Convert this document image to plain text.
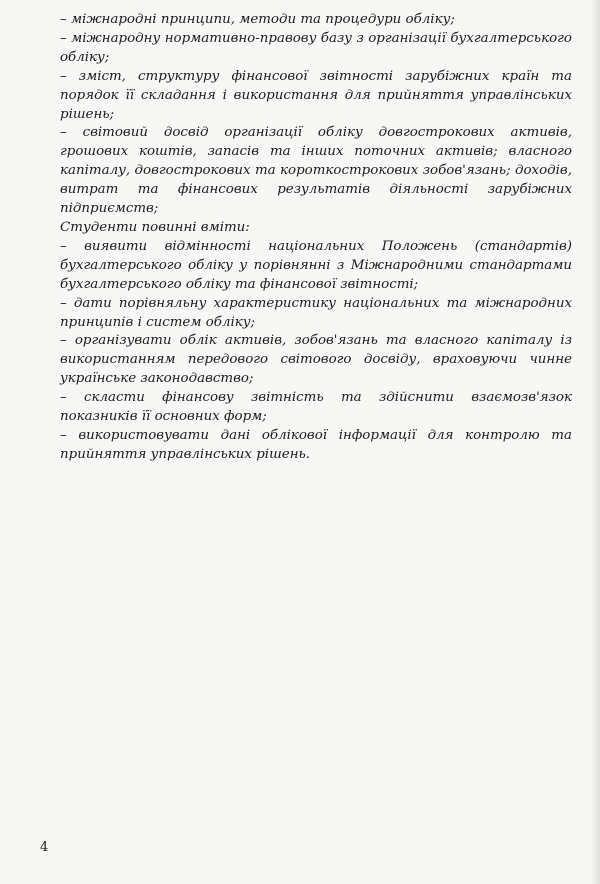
– міжнародні принципи, методи та процедури обліку;

– міжнародну нормативно-правову базу з організації бухгалтерського обліку;

– зміст, структуру фінансової звітності зарубіжних країн та порядок її складання і використання для прийняття управлінських рішень;

– світовий досвід організації обліку довгострокових активів, грошових коштів, запасів та інших поточних активів; власного капіталу, довгострокових та короткострокових зобов'язань; доходів, витрат та фінансових результатів діяльності зарубіжних підприємств;

Студенти повинні вміти:

– виявити відмінності національних Положень (стандартів) бухгалтерського обліку у порівнянні з Міжнародними стандартами бухгалтерського обліку та фінансової звітності;

– дати порівняльну характеристику національних та міжнародних принципів і систем обліку;

– організувати облік активів, зобов'язань та власного капіталу із використанням передового світового досвіду, враховуючи чинне українське законодавство;

– скласти фінансову звітність та здійснити взаємозв'язок показників її основних форм;

– використовувати дані облікової інформації для контролю та прийняття управлінських рішень.

4
